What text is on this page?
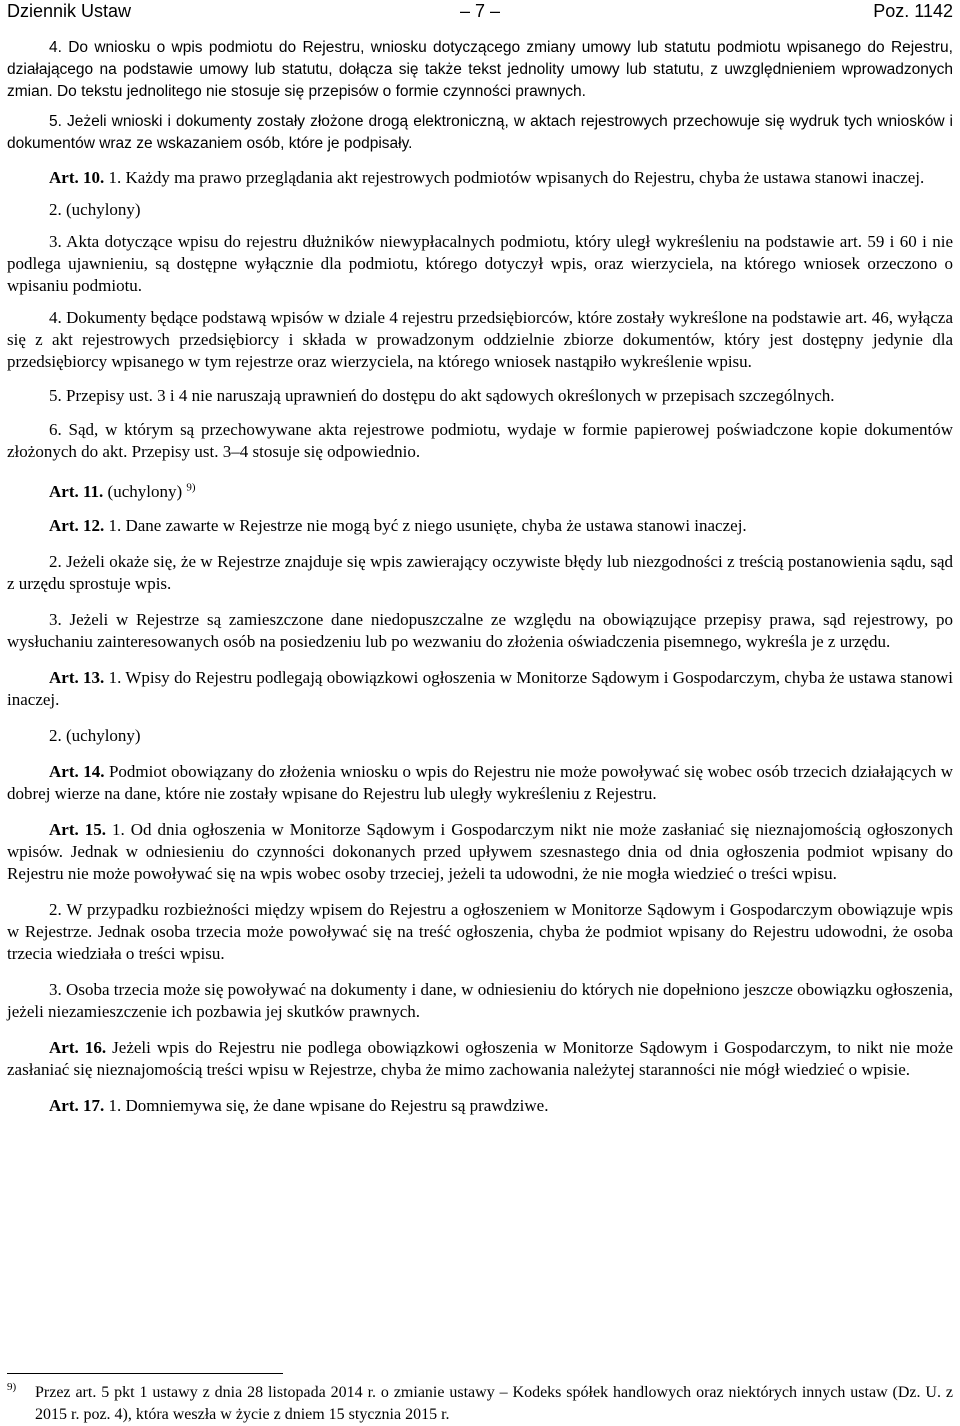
Dziennik Ustaw	– 7 –	Poz. 1142

4. Do wniosku o wpis podmiotu do Rejestru, wniosku dotyczącego zmiany umowy lub statutu podmiotu wpisanego do Rejestru, działającego na podstawie umowy lub statutu, dołącza się także tekst jednolity umowy lub statutu, z uwzględnieniem wprowadzonych zmian. Do tekstu jednolitego nie stosuje się przepisów o formie czynności prawnych.

5. Jeżeli wnioski i dokumenty zostały złożone drogą elektroniczną, w aktach rejestrowych przechowuje się wydruk tych wniosków i dokumentów wraz ze wskazaniem osób, które je podpisały.

Art. 10. 1. Każdy ma prawo przeglądania akt rejestrowych podmiotów wpisanych do Rejestru, chyba że ustawa stanowi inaczej.

2. (uchylony)

3. Akta dotyczące wpisu do rejestru dłużników niewypłacalnych podmiotu, który uległ wykreśleniu na podstawie art. 59 i 60 i nie podlega ujawnieniu, są dostępne wyłącznie dla podmiotu, którego dotyczył wpis, oraz wierzyciela, na którego wniosek orzeczono o wpisaniu podmiotu.

4. Dokumenty będące podstawą wpisów w dziale 4 rejestru przedsiębiorców, które zostały wykreślone na podstawie art. 46, wyłącza się z akt rejestrowych przedsiębiorcy i składa w prowadzonym oddzielnie zbiorze dokumentów, który jest dostępny jedynie dla przedsiębiorcy wpisanego w tym rejestrze oraz wierzyciela, na którego wniosek nastąpiło wykreślenie wpisu.

5. Przepisy ust. 3 i 4 nie naruszają uprawnień do dostępu do akt sądowych określonych w przepisach szczególnych.

6. Sąd, w którym są przechowywane akta rejestrowe podmiotu, wydaje w formie papierowej poświadczone kopie dokumentów złożonych do akt. Przepisy ust. 3–4 stosuje się odpowiednio.

Art. 11. (uchylony) $^{9)}$

Art. 12. 1. Dane zawarte w Rejestrze nie mogą być z niego usunięte, chyba że ustawa stanowi inaczej.

2. Jeżeli okaże się, że w Rejestrze znajduje się wpis zawierający oczywiste błędy lub niezgodności z treścią postanowienia sądu, sąd z urzędu sprostuje wpis.

3. Jeżeli w Rejestrze są zamieszczone dane niedopuszczalne ze względu na obowiązujące przepisy prawa, sąd rejestrowy, po wysłuchaniu zainteresowanych osób na posiedzeniu lub po wezwaniu do złożenia oświadczenia pisemnego, wykreśla je z urzędu.

Art. 13. 1. Wpisy do Rejestru podlegają obowiązkowi ogłoszenia w Monitorze Sądowym i Gospodarczym, chyba że ustawa stanowi inaczej.

2. (uchylony)

Art. 14. Podmiot obowiązany do złożenia wniosku o wpis do Rejestru nie może powoływać się wobec osób trzecich działających w dobrej wierze na dane, które nie zostały wpisane do Rejestru lub uległy wykreśleniu z Rejestru.

Art. 15. 1. Od dnia ogłoszenia w Monitorze Sądowym i Gospodarczym nikt nie może zasłaniać się nieznajomością ogłoszonych wpisów. Jednak w odniesieniu do czynności dokonanych przed upływem szesnastego dnia od dnia ogłoszenia podmiot wpisany do Rejestru nie może powoływać się na wpis wobec osoby trzeciej, jeżeli ta udowodni, że nie mogła wiedzieć o treści wpisu.

2. W przypadku rozbieżności między wpisem do Rejestru a ogłoszeniem w Monitorze Sądowym i Gospodarczym obowiązuje wpis w Rejestrze. Jednak osoba trzecia może powoływać się na treść ogłoszenia, chyba że podmiot wpisany do Rejestru udowodni, że osoba trzecia wiedziała o treści wpisu.

3. Osoba trzecia może się powoływać na dokumenty i dane, w odniesieniu do których nie dopełniono jeszcze obowiązku ogłoszenia, jeżeli niezamieszczenie ich pozbawia jej skutków prawnych.

Art. 16. Jeżeli wpis do Rejestru nie podlega obowiązkowi ogłoszenia w Monitorze Sądowym i Gospodarczym, to nikt nie może zasłaniać się nieznajomością treści wpisu w Rejestrze, chyba że mimo zachowania należytej staranności nie mógł wiedzieć o wpisie.

Art. 17. 1. Domniemywa się, że dane wpisane do Rejestru są prawdziwe.

9) Przez art. 5 pkt 1 ustawy z dnia 28 listopada 2014 r. o zmianie ustawy – Kodeks spółek handlowych oraz niektórych innych ustaw (Dz. U. z 2015 r. poz. 4), która weszła w życie z dniem 15 stycznia 2015 r.
